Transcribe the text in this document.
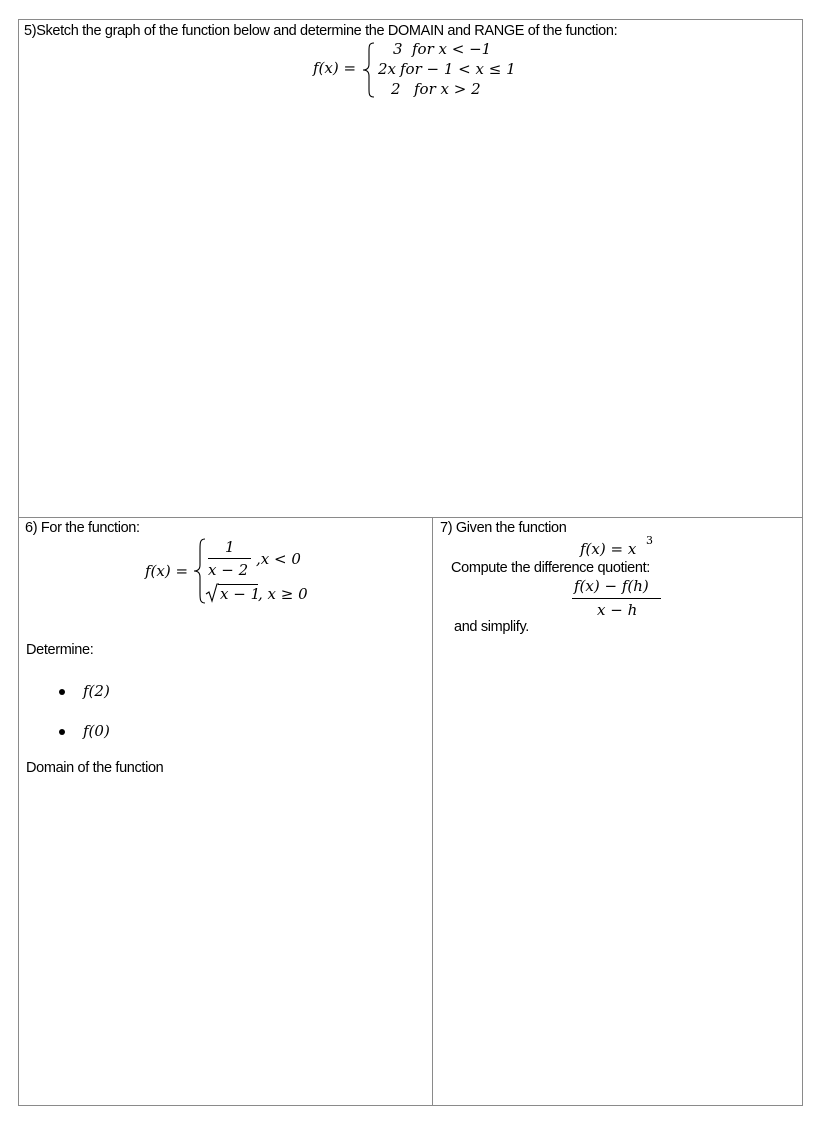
5)Sketch the graph of the function below and determine the DOMAIN and RANGE of the function:
f(x) =
3 for x < −1
2x for − 1 < x ≤ 1
2 for x > 2
6) For the function:
f(x) =
1
x − 2
,x < 0
x − 1
, x ≥ 0
Determine:
f(2)
f(0)
Domain of the function
7) Given the function
f(x) = x 3
Compute the difference quotient:
f(x) − f(h)
x − h
and simplify.
